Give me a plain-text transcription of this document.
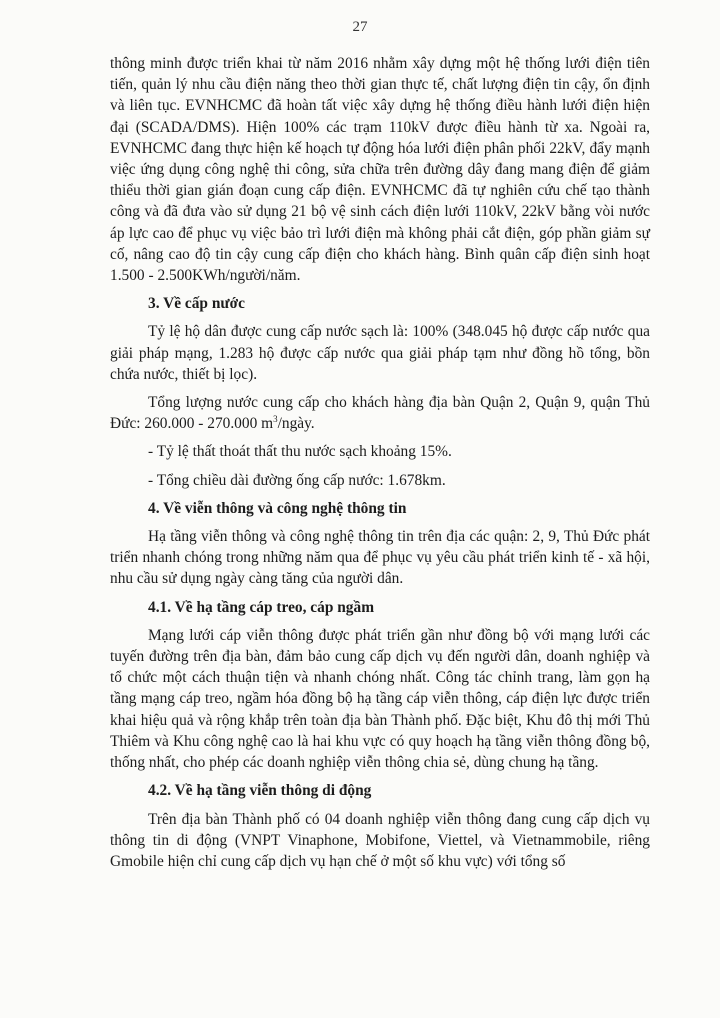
27

thông minh được triển khai từ năm 2016 nhằm xây dựng một hệ thống lưới điện tiên tiến, quản lý nhu cầu điện năng theo thời gian thực tế, chất lượng điện tin cậy, ổn định và liên tục. EVNHCMC đã hoàn tất việc xây dựng hệ thống điều hành lưới điện hiện đại (SCADA/DMS). Hiện 100% các trạm 110kV được điều hành từ xa. Ngoài ra, EVNHCMC đang thực hiện kế hoạch tự động hóa lưới điện phân phối 22kV, đẩy mạnh việc ứng dụng công nghệ thi công, sửa chữa trên đường dây đang mang điện để giảm thiểu thời gian gián đoạn cung cấp điện. EVNHCMC đã tự nghiên cứu chế tạo thành công và đã đưa vào sử dụng 21 bộ vệ sinh cách điện lưới 110kV, 22kV bằng vòi nước áp lực cao để phục vụ việc bảo trì lưới điện mà không phải cắt điện, góp phần giảm sự cố, nâng cao độ tin cậy cung cấp điện cho khách hàng. Bình quân cấp điện sinh hoạt 1.500 - 2.500KWh/người/năm.

3. Về cấp nước

Tỷ lệ hộ dân được cung cấp nước sạch là: 100% (348.045 hộ được cấp nước qua giải pháp mạng, 1.283 hộ được cấp nước qua giải pháp tạm như đồng hồ tổng, bồn chứa nước, thiết bị lọc).

Tổng lượng nước cung cấp cho khách hàng địa bàn Quận 2, Quận 9, quận Thủ Đức: 260.000 - 270.000 $m^3$/ngày.

- Tỷ lệ thất thoát thất thu nước sạch khoảng 15%.

- Tổng chiều dài đường ống cấp nước: 1.678km.

4. Về viễn thông và công nghệ thông tin

Hạ tầng viễn thông và công nghệ thông tin trên địa các quận: 2, 9, Thủ Đức phát triển nhanh chóng trong những năm qua để phục vụ yêu cầu phát triển kinh tế - xã hội, nhu cầu sử dụng ngày càng tăng của người dân.

4.1. Về hạ tầng cáp treo, cáp ngầm

Mạng lưới cáp viễn thông được phát triển gần như đồng bộ với mạng lưới các tuyến đường trên địa bàn, đảm bảo cung cấp dịch vụ đến người dân, doanh nghiệp và tổ chức một cách thuận tiện và nhanh chóng nhất. Công tác chỉnh trang, làm gọn hạ tầng mạng cáp treo, ngầm hóa đồng bộ hạ tầng cáp viễn thông, cáp điện lực được triển khai hiệu quả và rộng khắp trên toàn địa bàn Thành phố. Đặc biệt, Khu đô thị mới Thủ Thiêm và Khu công nghệ cao là hai khu vực có quy hoạch hạ tầng viễn thông đồng bộ, thống nhất, cho phép các doanh nghiệp viễn thông chia sẻ, dùng chung hạ tầng.

4.2. Về hạ tầng viễn thông di động

Trên địa bàn Thành phố có 04 doanh nghiệp viễn thông đang cung cấp dịch vụ thông tin di động (VNPT Vinaphone, Mobifone, Viettel, và Vietnammobile, riêng Gmobile hiện chỉ cung cấp dịch vụ hạn chế ở một số khu vực) với tổng số
